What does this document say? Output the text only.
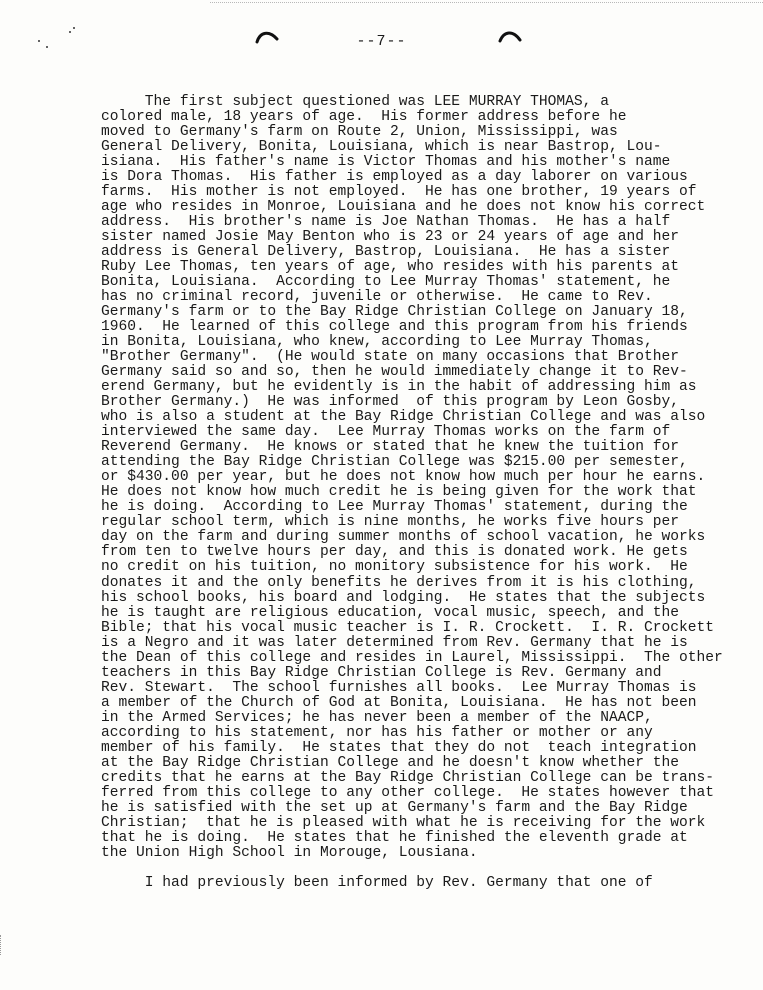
--7--

The first subject questioned was LEE MURRAY THOMAS, a
colored male, 18 years of age.  His former address before he
moved to Germany's farm on Route 2, Union, Mississippi, was
General Delivery, Bonita, Louisiana, which is near Bastrop, Lou-
isiana.  His father's name is Victor Thomas and his mother's name
is Dora Thomas.  His father is employed as a day laborer on various
farms.  His mother is not employed.  He has one brother, 19 years of
age who resides in Monroe, Louisiana and he does not know his correct
address.  His brother's name is Joe Nathan Thomas.  He has a half
sister named Josie May Benton who is 23 or 24 years of age and her
address is General Delivery, Bastrop, Louisiana.  He has a sister
Ruby Lee Thomas, ten years of age, who resides with his parents at
Bonita, Louisiana.  According to Lee Murray Thomas' statement, he
has no criminal record, juvenile or otherwise.  He came to Rev.
Germany's farm or to the Bay Ridge Christian College on January 18,
1960.  He learned of this college and this program from his friends
in Bonita, Louisiana, who knew, according to Lee Murray Thomas,
"Brother Germany".  (He would state on many occasions that Brother
Germany said so and so, then he would immediately change it to Rev-
erend Germany, but he evidently is in the habit of addressing him as
Brother Germany.)  He was informed  of this program by Leon Gosby,
who is also a student at the Bay Ridge Christian College and was also
interviewed the same day.  Lee Murray Thomas works on the farm of
Reverend Germany.  He knows or stated that he knew the tuition for
attending the Bay Ridge Christian College was $215.00 per semester,
or $430.00 per year, but he does not know how much per hour he earns.
He does not know how much credit he is being given for the work that
he is doing.  According to Lee Murray Thomas' statement, during the
regular school term, which is nine months, he works five hours per
day on the farm and during summer months of school vacation, he works
from ten to twelve hours per day, and this is donated work. He gets
no credit on his tuition, no monitory subsistence for his work.  He
donates it and the only benefits he derives from it is his clothing,
his school books, his board and lodging.  He states that the subjects
he is taught are religious education, vocal music, speech, and the
Bible; that his vocal music teacher is I. R. Crockett.  I. R. Crockett
is a Negro and it was later determined from Rev. Germany that he is
the Dean of this college and resides in Laurel, Mississippi.  The other
teachers in this Bay Ridge Christian College is Rev. Germany and
Rev. Stewart.  The school furnishes all books.  Lee Murray Thomas is
a member of the Church of God at Bonita, Louisiana.  He has not been
in the Armed Services; he has never been a member of the NAACP,
according to his statement, nor has his father or mother or any
member of his family.  He states that they do not  teach integration
at the Bay Ridge Christian College and he doesn't know whether the
credits that he earns at the Bay Ridge Christian College can be trans-
ferred from this college to any other college.  He states however that
he is satisfied with the set up at Germany's farm and the Bay Ridge
Christian;  that he is pleased with what he is receiving for the work
that he is doing.  He states that he finished the eleventh grade at
the Union High School in Morouge, Lousiana.

I had previously been informed by Rev. Germany that one of
